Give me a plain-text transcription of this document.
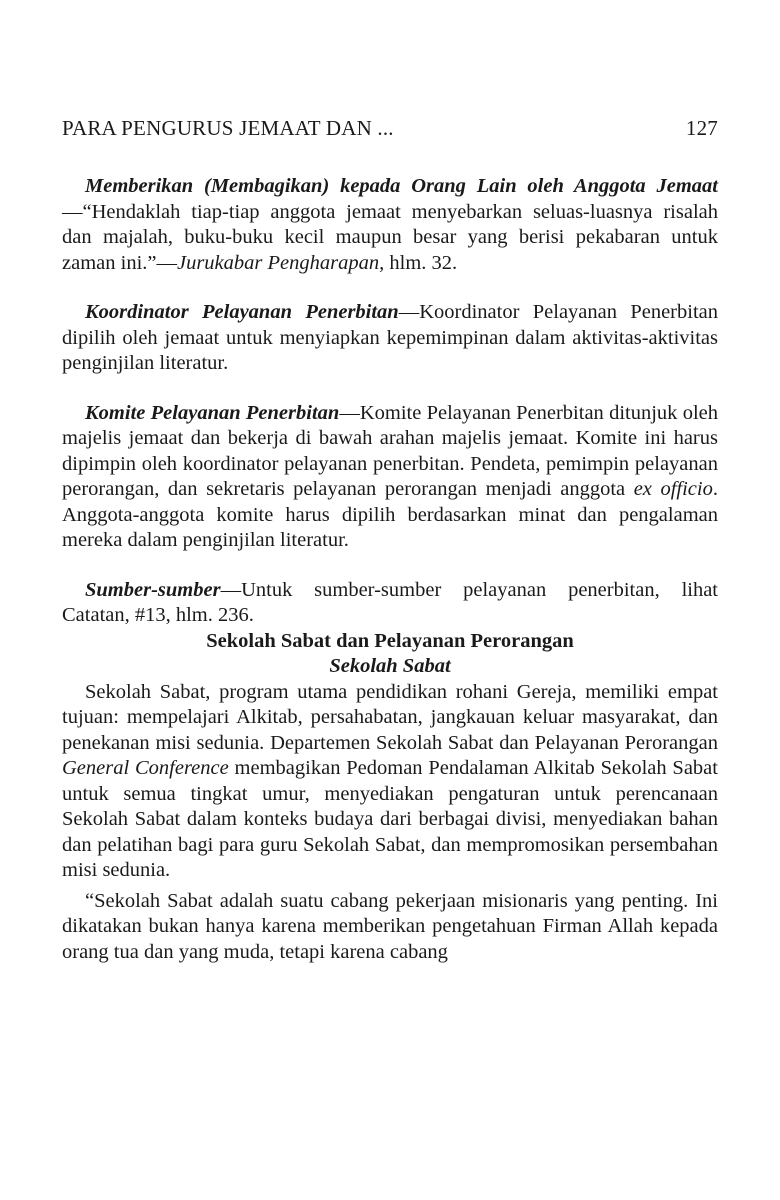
PARA PENGURUS JEMAAT DAN ...	127

Memberikan (Membagikan) kepada Orang Lain oleh Anggota Jemaat—“Hendaklah tiap-tiap anggota jemaat menyebarkan seluas-luasnya risalah dan majalah, buku-buku kecil maupun besar yang berisi pekabaran untuk zaman ini.”—Jurukabar Pengharapan, hlm. 32.

Koordinator Pelayanan Penerbitan—Koordinator Pelayanan Penerbitan dipilih oleh jemaat untuk menyiapkan kepemimpinan dalam aktivitas-aktivitas penginjilan literatur.

Komite Pelayanan Penerbitan—Komite Pelayanan Penerbitan ditunjuk oleh majelis jemaat dan bekerja di bawah arahan majelis jemaat. Komite ini harus dipimpin oleh koordinator pelayanan penerbitan. Pendeta, pemimpin pelayanan perorangan, dan sekretaris pelayanan perorangan menjadi anggota ex officio. Anggota-anggota komite harus dipilih berdasarkan minat dan pengalaman mereka dalam penginjilan literatur.

Sumber-sumber—Untuk sumber-sumber pelayanan penerbitan, lihat Catatan, #13, hlm. 236.

Sekolah Sabat dan Pelayanan Perorangan

Sekolah Sabat

Sekolah Sabat, program utama pendidikan rohani Gereja, memiliki empat tujuan: mempelajari Alkitab, persahabatan, jangkauan keluar masyarakat, dan penekanan misi sedunia. Departemen Sekolah Sabat dan Pelayanan Perorangan General Conference membagikan Pedoman Pendalaman Alkitab Sekolah Sabat untuk semua tingkat umur, menyediakan pengaturan untuk perencanaan Sekolah Sabat dalam konteks budaya dari berbagai divisi, menyediakan bahan dan pelatihan bagi para guru Sekolah Sabat, dan mempromosikan persembahan misi sedunia.

“Sekolah Sabat adalah suatu cabang pekerjaan misionaris yang penting. Ini dikatakan bukan hanya karena memberikan pengetahuan Firman Allah kepada orang tua dan yang muda, tetapi karena cabang
